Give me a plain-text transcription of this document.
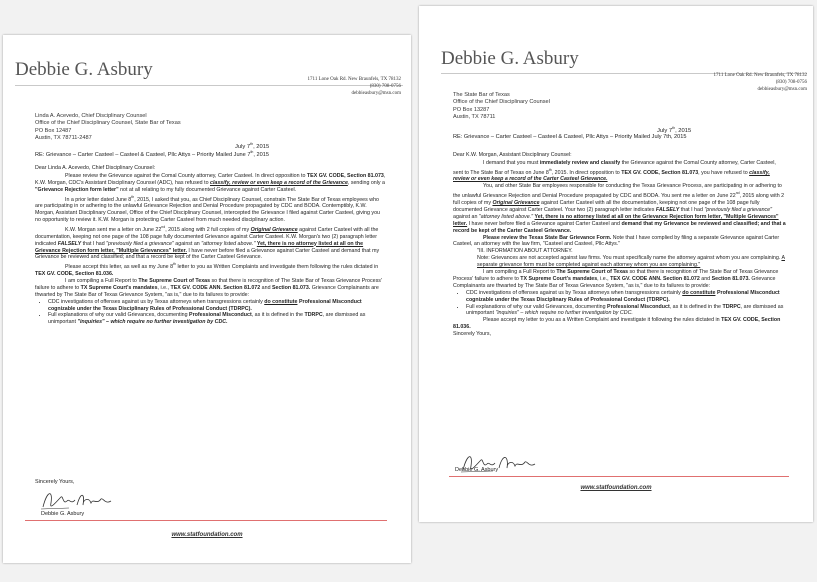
Debbie G. Asbury	1711 Lone Oak Rd. New Braunfels, TX 78132
(830) 708-0756
debbieasbury@msn.com
Linda A. Acevedo, Chief Disciplinary Counsel
Office of the Chief Disciplinary Counsel, State Bar of Texas
PO Box 12487
Austin, TX 78711-2487
July 7th, 2015
RE: Grievance – Carter Casteel – Casteel & Casteel, Pllc Attys – Priority Mailed June 7th, 2015

Dear Linda A. Acevedo, Chief Disciplinary Counsel:

Please review the Grievance against the Comal County attorney, Carter Casteel. In direct opposition to TEX GV. CODE, Section 81.073, K.W. Morgan, CDC's Assistant Disciplinary Counsel (ADC), has refused to classify, review or even keep a record of the Grievance, sending only a "Grievance Rejection form letter" not at all relating to my fully documented Grievance against Carter Casteel.

In a prior letter dated June 8th, 2015, I asked that you, as Chief Disciplinary Counsel, constrain The State Bar of Texas employees who are participating in or adhering to the unlawful Grievance Rejection and Denial Procedure propagated by CDC and BODA. Contemptibly, K.W. Morgan, Assistant Disciplinary Counsel, Office of the Chief Disciplinary Counsel, intercepted the Grievance I filed against Carter Casteel, giving you no opportunity to review it. K.W. Morgan is protecting Carter Casteel from much needed disciplinary action.

K.W. Morgan sent me a letter on June 22nd, 2015 along with 2 full copies of my Original Grievance against Carter Casteel with all the documentation, keeping not one page of the 108 page fully documented Grievance against Carter Casteel. K.W. Morgan's two (2) paragraph letter indicated FALSELY that I had "previously filed a grievance" against an "attorney listed above." Yet, there is no attorney listed at all on the Grievance Rejection form letter, "Multiple Grievances" letter. I have never before filed a Grievance against Carter Casteel and demand that my Grievance be reviewed and classified; and that a record be kept of the Carter Casteel Grievance.

Please accept this letter, as well as my June 8th letter to you as Written Complaints and investigate them following the rules dictated in TEX GV. CODE, Section 81.036.

I am compiling a Full Report to The Supreme Court of Texas so that there is recognition of The State Bar of Texas Grievance Process' failure to adhere to TX Supreme Court's mandates, i.e., TEX GV. CODE ANN. Section 81.072 and Section 81.073. Grievance Complainants are thwarted by The State Bar of Texas Grievance System, "as is," due to its failures to provide:

• CDC investigations of offenses against us by Texas attorneys when transgressions certainly do constitute Professional Misconduct cognizable under the Texas Disciplinary Rules of Professional Conduct (TDRPC).
• Full explanations of why our valid Grievances, documenting Professional Misconduct, as it is defined in the TDRPC, are dismissed as unimportant "inquiries" – which require no further investigation by CDC.
Sincerely Yours,
Debbie G. Asbury
www.statfoundation.com
Debbie G. Asbury
1711 Lone Oak Rd. New Braunfels, TX 78132
(830) 708-0756
debbieasbury@msn.com
The State Bar of Texas
Office of the Chief Disciplinary Counsel
PO Box 13287
Austin, TX 78711
July 7th, 2015
RE: Grievance – Carter Casteel – Casteel & Casteel, Pllc Attys – Priority Mailed July 7th, 2015

Dear K.W. Morgan, Assistant Disciplinary Counsel:

I demand that you must immediately review and classify the Grievance against the Comal County attorney, Carter Casteel, sent to The State Bar of Texas on June 8th, 2015. In direct opposition to TEX GV. CODE, Section 81.073, you have refused to classify, review or even keep a record of the Carter Casteel Grievance.

You, and other State Bar employees responsible for conducting the Texas Grievance Process, are participating in or adhering to the unlawful Grievance Rejection and Denial Procedure propagated by CDC and BODA. You sent me a letter on June 22nd, 2015 along with 2 full copies of my Original Grievance against Carter Casteel with all the documentation, keeping not one page of the 108 page fully documented Grievance against Carter Casteel. Your two (2) paragraph letter indicates FALSELY that I had "previously filed a grievance" against an "attorney listed above." Yet, there is no attorney listed at all on the Grievance Rejection form letter, "Multiple Grievances" letter. I have never before filed a Grievance against Carter Casteel and demand that my Grievance be reviewed and classified; and that a record be kept of the Carter Casteel Grievance.

Please review the Texas State Bar Grievance Form. Note that I have complied by filing a separate Grievance against Carter Casteel, an attorney with the law firm, "Casteel and Casteel, Pllc Attys."

"III. INFORMATION ABOUT ATTORNEY.

Note: Grievances are not accepted against law firms. You must specifically name the attorney against whom you are complaining. A separate grievance form must be completed against each attorney whom you are complaining."

I am compiling a Full Report to The Supreme Court of Texas so that there is recognition of The State Bar of Texas Grievance Process' failure to adhere to TX Supreme Court's mandates, i.e., TEX GV. CODE ANN. Section 81.072 and Section 81.073. Grievance Complainants are thwarted by The State Bar of Texas Grievance System, "as is," due to its failures to provide:

• CDC investigations of offenses against us by Texas attorneys when transgressions certainly do constitute Professional Misconduct cognizable under the Texas Disciplinary Rules of Professional Conduct (TDRPC).
• Full explanations of why our valid Grievances, documenting Professional Misconduct, as it is defined in the TDRPC, are dismissed as unimportant "inquiries" – which require no further investigation by CDC.

Please accept my letter to you as a Written Complaint and investigate it following the rules dictated in TEX GV. CODE, Section 81.036.

Sincerely Yours,

Debbie G. Asbury
www.statfoundation.com
